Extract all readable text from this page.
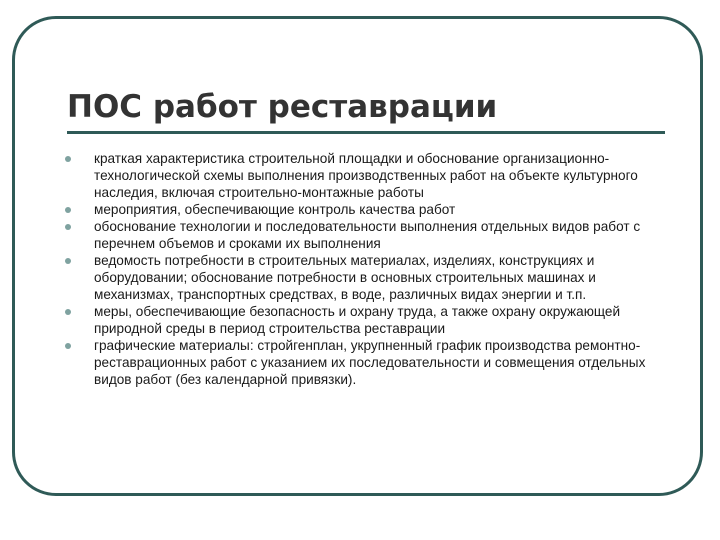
ПОС работ реставрации
краткая характеристика строительной площадки и обоснование организационно-технологической схемы выполнения производственных работ на объекте культурного наследия, включая строительно-монтажные работы
мероприятия, обеспечивающие контроль качества работ
обоснование технологии и последовательности выполнения отдельных видов работ с перечнем объемов и сроками их выполнения
ведомость потребности в строительных материалах, изделиях, конструкциях и оборудовании; обоснование потребности в основных строительных машинах и механизмах, транспортных средствах, в воде, различных видах энергии и т.п.
меры, обеспечивающие безопасность и охрану труда, а также охрану окружающей природной среды в период строительства реставрации
графические материалы: стройгенплан, укрупненный график производства ремонтно-реставрационных работ с указанием их последовательности и совмещения отдельных видов работ (без календарной привязки).
